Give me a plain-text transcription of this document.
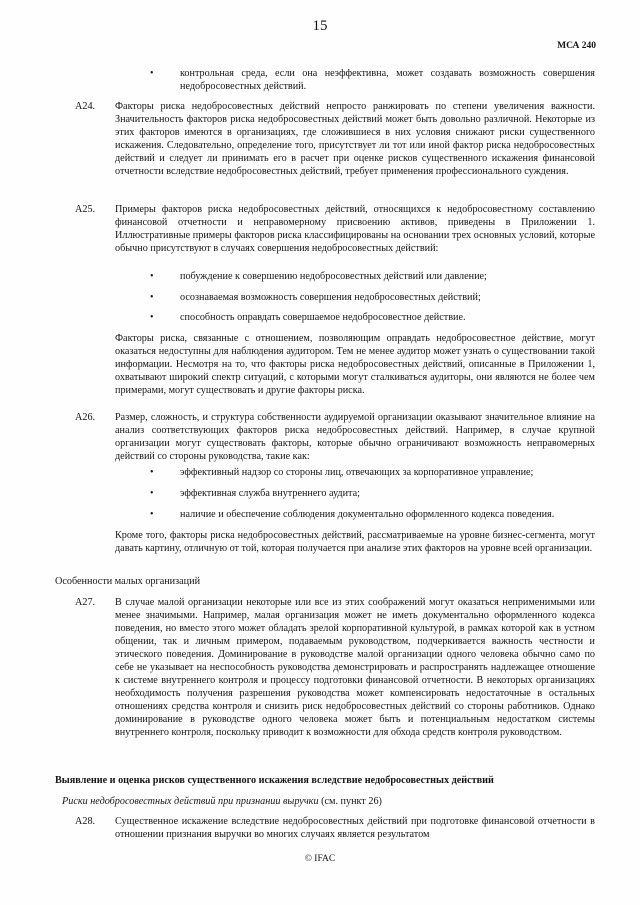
15
МСА 240
•	контрольная среда, если она неэффективна, может создавать возможность совершения недобросовестных действий.
A24. Факторы риска недобросовестных действий непросто ранжировать по степени увеличения важности. Значительность факторов риска недобросовестных действий может быть довольно различной. Некоторые из этих факторов имеются в организациях, где сложившиеся в них условия снижают риски существенного искажения. Следовательно, определение того, присутствует ли тот или иной фактор риска недобросовестных действий и следует ли принимать его в расчет при оценке рисков существенного искажения финансовой отчетности вследствие недобросовестных действий, требует применения профессионального суждения.
A25. Примеры факторов риска недобросовестных действий, относящихся к недобросовестному составлению финансовой отчетности и неправомерному присвоению активов, приведены в Приложении 1. Иллюстративные примеры факторов риска классифицированы на основании трех основных условий, которые обычно присутствуют в случаях совершения недобросовестных действий:
•	побуждение к совершению недобросовестных действий или давление;
•	осознаваемая возможность совершения недобросовестных действий;
•	способность оправдать совершаемое недобросовестное действие.
Факторы риска, связанные с отношением, позволяющим оправдать недобросовестное действие, могут оказаться недоступны для наблюдения аудитором. Тем не менее аудитор может узнать о существовании такой информации. Несмотря на то, что факторы риска недобросовестных действий, описанные в Приложении 1, охватывают широкий спектр ситуаций, с которыми могут сталкиваться аудиторы, они являются не более чем примерами, могут существовать и другие факторы риска.
A26. Размер, сложность, и структура собственности аудируемой организации оказывают значительное влияние на анализ соответствующих факторов риска недобросовестных действий. Например, в случае крупной организации могут существовать факторы, которые обычно ограничивают возможность неправомерных действий со стороны руководства, такие как:
•	эффективный надзор со стороны лиц, отвечающих за корпоративное управление;
•	эффективная служба внутреннего аудита;
•	наличие и обеспечение соблюдения документально оформленного кодекса поведения.
Кроме того, факторы риска недобросовестных действий, рассматриваемые на уровне бизнес-сегмента, могут давать картину, отличную от той, которая получается при анализе этих факторов на уровне всей организации.
Особенности малых организаций
A27. В случае малой организации некоторые или все из этих соображений могут оказаться неприменимыми или менее значимыми. Например, малая организация может не иметь документально оформленного кодекса поведения, но вместо этого может обладать зрелой корпоративной культурой, в рамках которой как в устном общении, так и личным примером, подаваемым руководством, подчеркивается важность честности и этического поведения. Доминирование в руководстве малой организации одного человека обычно само по себе не указывает на неспособность руководства демонстрировать и распространять надлежащее отношение к системе внутреннего контроля и процессу подготовки финансовой отчетности. В некоторых организациях необходимость получения разрешения руководства может компенсировать недостаточные в остальных отношениях средства контроля и снизить риск недобросовестных действий со стороны работников. Однако доминирование в руководстве одного человека может быть и потенциальным недостатком системы внутреннего контроля, поскольку приводит к возможности для обхода средств контроля руководством.
Выявление и оценка рисков существенного искажения вследствие недобросовестных действий
Риски недобросовестных действий при признании выручки (см. пункт 26)
A28. Существенное искажение вследствие недобросовестных действий при подготовке финансовой отчетности в отношении признания выручки во многих случаях является результатом
© IFAC
